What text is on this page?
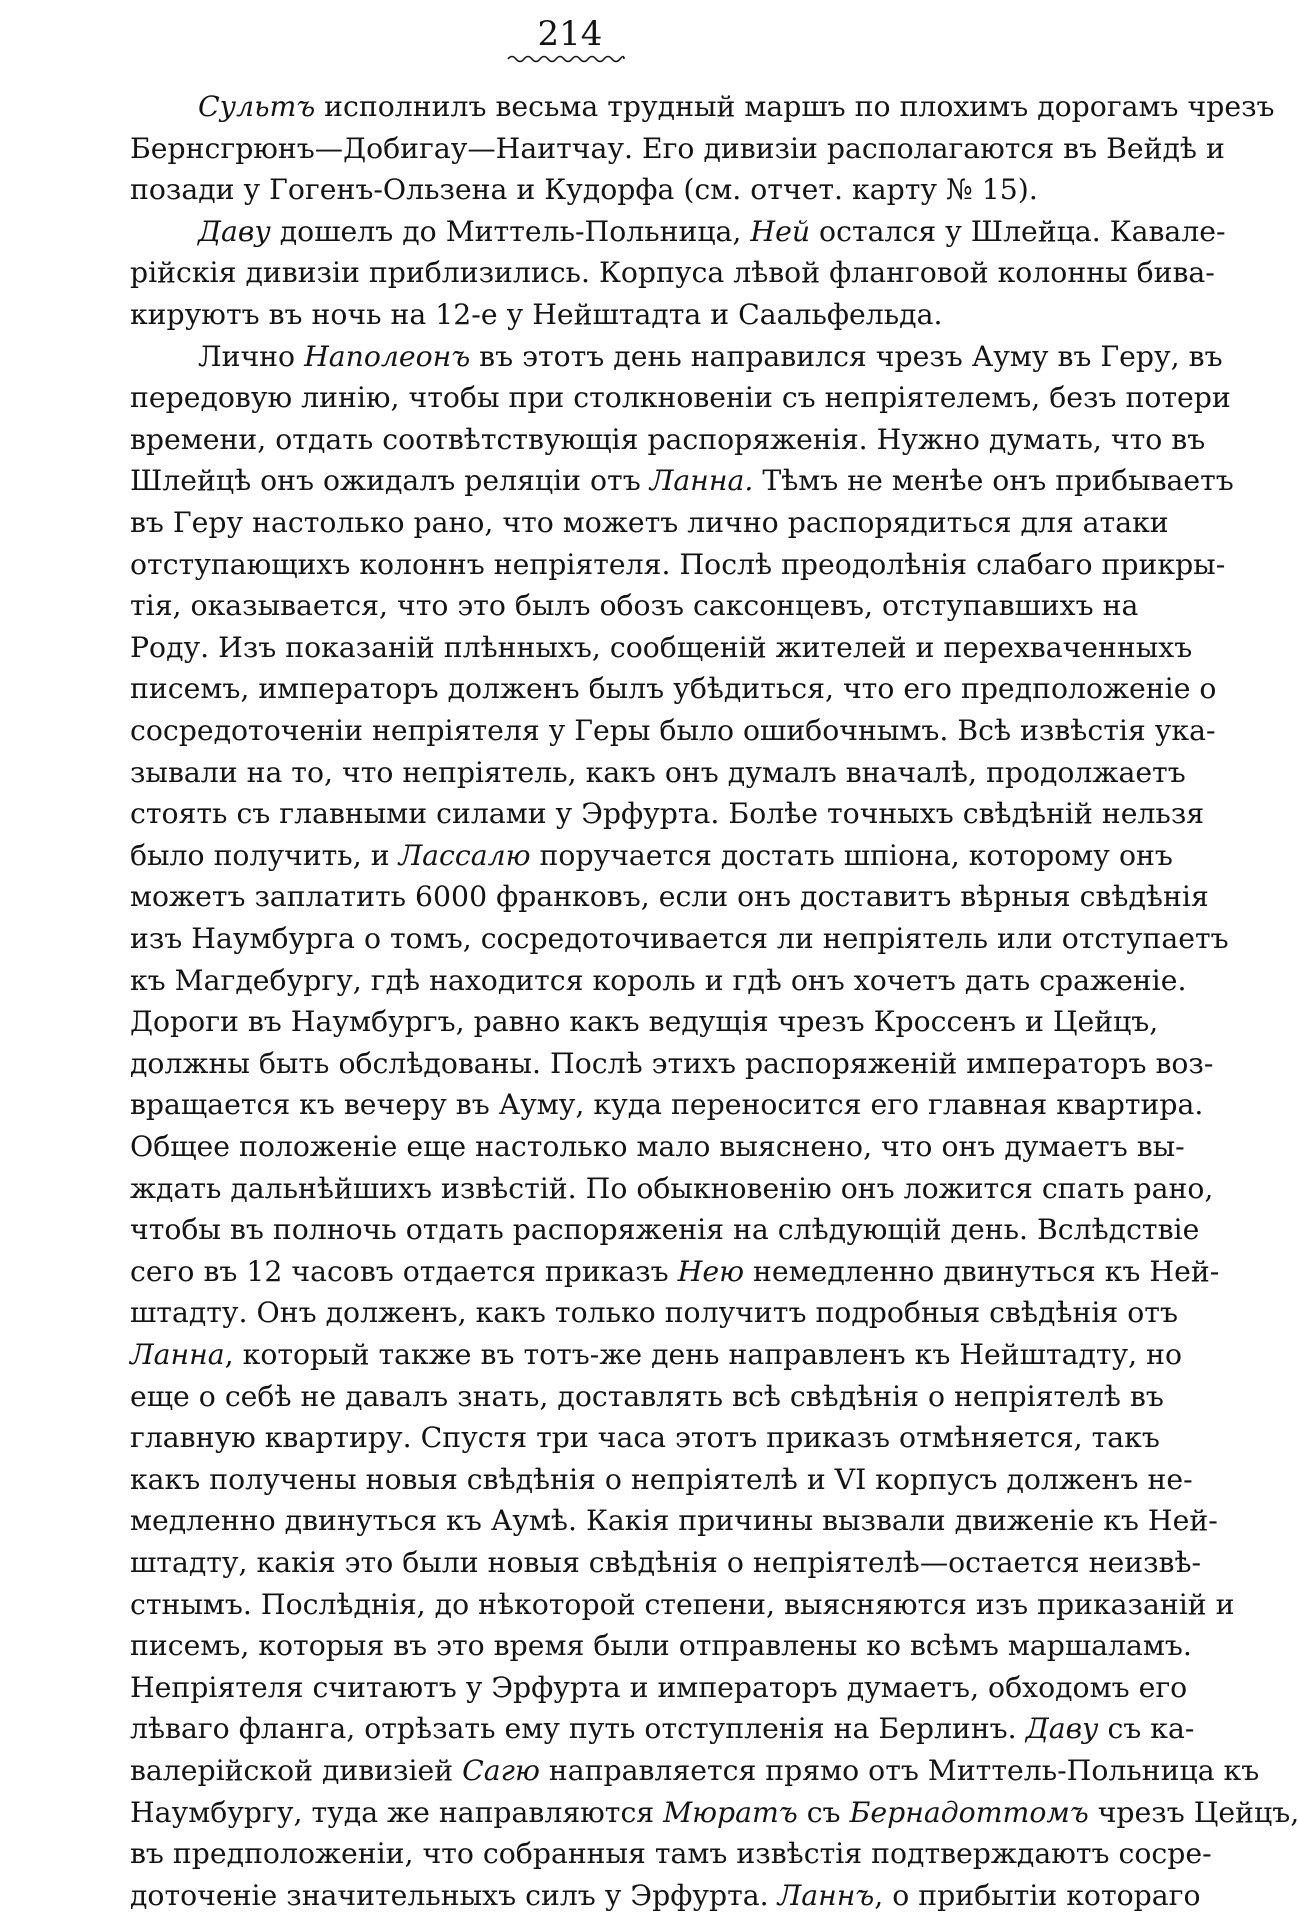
214
Сультъ исполнилъ весьма трудный маршъ по плохимъ дорогамъ чрезъ
Бернсгрюнъ—Добигау—Наитчау. Его дивизіи располагаются въ Вейдѣ и
позади у Гогенъ-Ользена и Кудорфа (см. отчет. карту № 15).
Даву дошелъ до Миттель-Польница, Ней остался у Шлейца. Кавале-
рійскія дивизіи приблизились. Корпуса лѣвой фланговой колонны бива-
кируютъ въ ночь на 12-е у Нейштадта и Саальфельда.
Лично Наполеонъ въ этотъ день направился чрезъ Ауму въ Геру, въ
передовую линію, чтобы при столкновеніи съ непріятелемъ, безъ потери
времени, отдать соотвѣтствующія распоряженія. Нужно думать, что въ
Шлейцѣ онъ ожидалъ реляціи отъ Ланна. Тѣмъ не менѣе онъ прибываетъ
въ Геру настолько рано, что можетъ лично распорядиться для атаки
отступающихъ колоннъ непріятеля. Послѣ преодолѣнія слабаго прикры-
тія, оказывается, что это былъ обозъ саксонцевъ, отступавшихъ на
Роду. Изъ показаній плѣнныхъ, сообщеній жителей и перехваченныхъ
писемъ, императоръ долженъ былъ убѣдиться, что его предположеніе о
сосредоточеніи непріятеля у Геры было ошибочнымъ. Всѣ извѣстія ука-
зывали на то, что непріятель, какъ онъ думалъ вначалѣ, продолжаетъ
стоять съ главными силами у Эрфурта. Болѣе точныхъ свѣдѣній нельзя
было получить, и Лассалю поручается достать шпіона, которому онъ
можетъ заплатить 6000 франковъ, если онъ доставитъ вѣрныя свѣдѣнія
изъ Наумбурга о томъ, сосредоточивается ли непріятель или отступаетъ
къ Магдебургу, гдѣ находится король и гдѣ онъ хочетъ дать сраженіе.
Дороги въ Наумбургъ, равно какъ ведущія чрезъ Кроссенъ и Цейцъ,
должны быть обслѣдованы. Послѣ этихъ распоряженій императоръ воз-
вращается къ вечеру въ Ауму, куда переносится его главная квартира.
Общее положеніе еще настолько мало выяснено, что онъ думаетъ вы-
ждать дальнѣйшихъ извѣстій. По обыкновенію онъ ложится спать рано,
чтобы въ полночь отдать распоряженія на слѣдующій день. Вслѣдствіе
сего въ 12 часовъ отдается приказъ Нею немедленно двинуться къ Ней-
штадту. Онъ долженъ, какъ только получитъ подробныя свѣдѣнія отъ
Ланна, который также въ тотъ-же день направленъ къ Нейштадту, но
еще о себѣ не давалъ знать, доставлять всѣ свѣдѣнія о непріятелѣ въ
главную квартиру. Спустя три часа этотъ приказъ отмѣняется, такъ
какъ получены новыя свѣдѣнія о непріятелѣ и VI корпусъ долженъ не-
медленно двинуться къ Аумѣ. Какія причины вызвали движеніе къ Ней-
штадту, какія это были новыя свѣдѣнія о непріятелѣ—остается неизвѣ-
стнымъ. Послѣднія, до нѣкоторой степени, выясняются изъ приказаній и
писемъ, которыя въ это время были отправлены ко всѣмъ маршаламъ.
Непріятеля считаютъ у Эрфурта и императоръ думаетъ, обходомъ его
лѣваго фланга, отрѣзать ему путь отступленія на Берлинъ. Даву съ ка-
валерійской дивизіей Сагю направляется прямо отъ Миттель-Польница къ
Наумбургу, туда же направляются Мюратъ съ Бернадоттомъ чрезъ Цейцъ,
въ предположеніи, что собранныя тамъ извѣстія подтверждаютъ сосре-
доточеніе значительныхъ силъ у Эрфурта. Ланнъ, о прибытіи котораго
